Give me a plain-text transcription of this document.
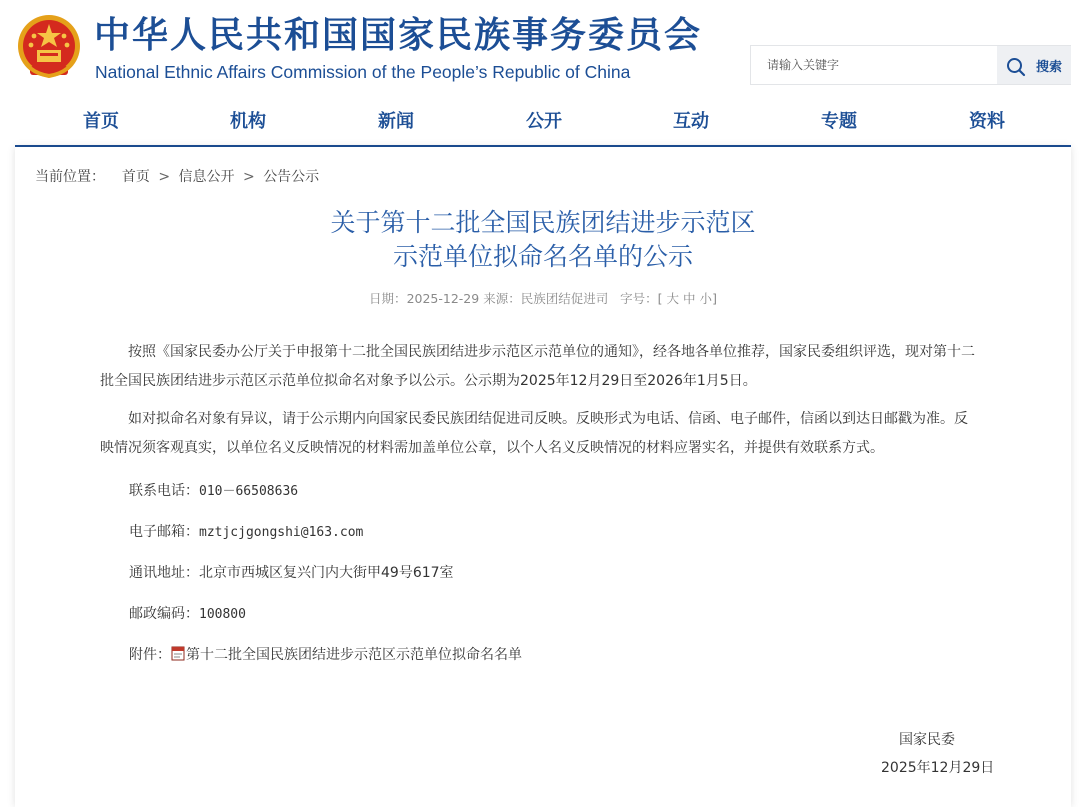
中华人民共和国国家民族事务委员会
National Ethnic Affairs Commission of the People’s Republic of China
请输入关键字	搜索
首页	机构	新闻	公开	互动	专题	资料
当前位置： 首页 > 信息公开 > 公告公示
关于第十二批全国民族团结进步示范区
示范单位拟命名名单的公示
日期：2025-12-29 来源：民族团结促进司 字号：[ 大 中 小]
按照《国家民委办公厅关于申报第十二批全国民族团结进步示范区示范单位的通知》，经各地各单位推荐，国家民委组织评选，现对第十二批全国民族团结进步示范区示范单位拟命名对象予以公示。公示期为2025年12月29日至2026年1月5日。
如对拟命名对象有异议，请于公示期内向国家民委民族团结促进司反映。反映形式为电话、信函、电子邮件，信函以到达日邮戳为准。反映情况须客观真实，以单位名义反映情况的材料需加盖单位公章，以个人名义反映情况的材料应署实名，并提供有效联系方式。
联系电话：010－66508636
电子邮箱：mztjcjgongshi@163.com
通讯地址：北京市西城区复兴门内大街甲49号617室
邮政编码：100800
附件： 第十二批全国民族团结进步示范区示范单位拟命名名单
国家民委
2025年12月29日
